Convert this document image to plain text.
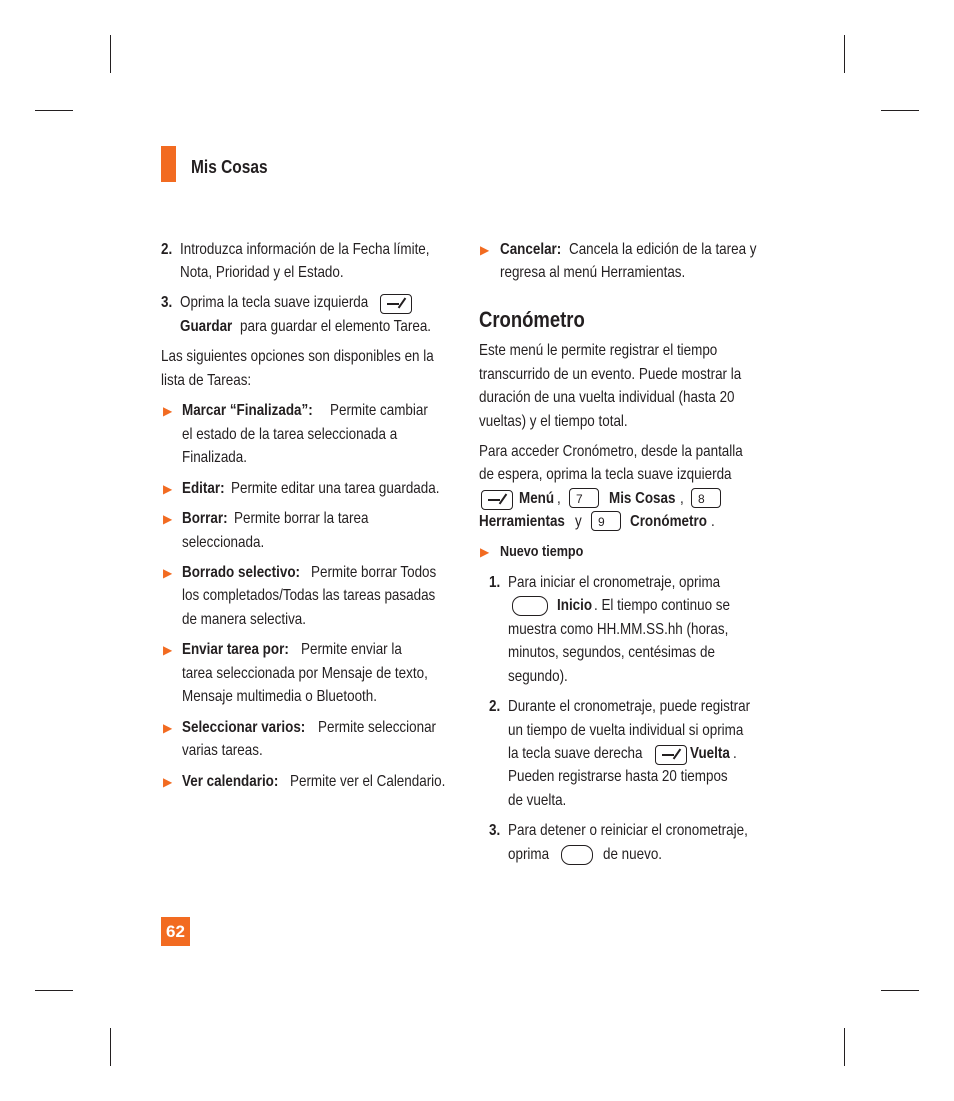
Mis Cosas
2. Introduzca información de la Fecha límite,
Nota, Prioridad y el Estado.
3. Oprima la tecla suave izquierda
Guardar para guardar el elemento Tarea.
Las siguientes opciones son disponibles en la
lista de Tareas:
▶ Marcar “Finalizada”: Permite cambiar
el estado de la tarea seleccionada a
Finalizada.
▶ Editar: Permite editar una tarea guardada.
▶ Borrar: Permite borrar la tarea
seleccionada.
▶ Borrado selectivo: Permite borrar Todos
los completados/Todas las tareas pasadas
de manera selectiva.
▶ Enviar tarea por: Permite enviar la
tarea seleccionada por Mensaje de texto,
Mensaje multimedia o Bluetooth.
▶ Seleccionar varios: Permite seleccionar
varias tareas.
▶ Ver calendario: Permite ver el Calendario.
▶ Cancelar: Cancela la edición de la tarea y
regresa al menú Herramientas.
Cronómetro
Este menú le permite registrar el tiempo
transcurrido de un evento. Puede mostrar la
duración de una vuelta individual (hasta 20
vueltas) y el tiempo total.
Para acceder Cronómetro, desde la pantalla
de espera, oprima la tecla suave izquierda
Menú ,	7	Mis Cosas ,	8
Herramientas y	9	Cronómetro .
▶ Nuevo tiempo
1. Para iniciar el cronometraje, oprima
Inicio . El tiempo continuo se
muestra como HH.MM.SS.hh (horas,
minutos, segundos, centésimas de
segundo).
2. Durante el cronometraje, puede registrar
un tiempo de vuelta individual si oprima
la tecla suave derecha	Vuelta .
Pueden registrarse hasta 20 tiempos
de vuelta.
3. Para detener o reiniciar el cronometraje,
oprima	de nuevo.
62
